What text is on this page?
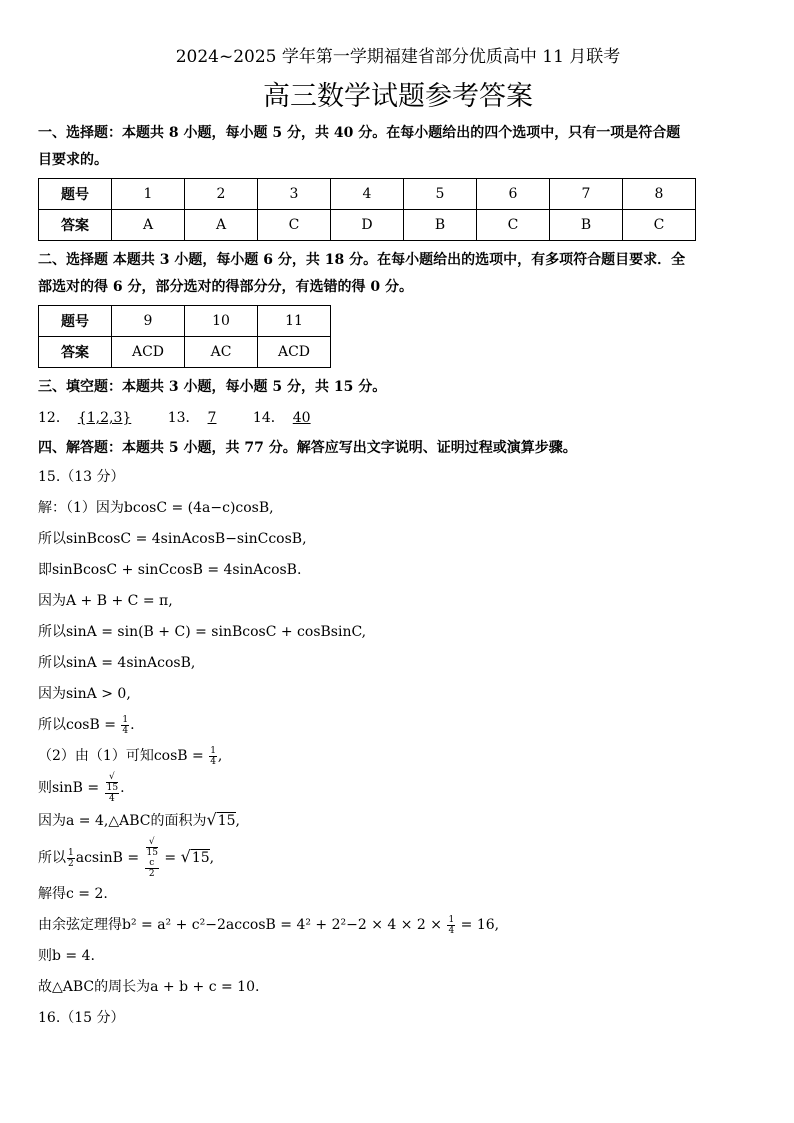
2024~2025 学年第一学期福建省部分优质高中 11 月联考

高三数学试题参考答案

一、选择题：本题共 8 小题，每小题 5 分，共 40 分。在每小题给出的四个选项中，只有一项是符合题

目要求的。

题号	1	2	3	4	5	6	7	8
答案	A	A	C	D	B	C	B	C

二、选择题 本题共 3 小题，每小题 6 分，共 18 分。在每小题给出的选项中，有多项符合题目要求．全

部选对的得 6 分，部分选对的得部分分，有选错的得 0 分。

题号	9	10	11
答案	ACD	AC	ACD

三、填空题：本题共 3 小题，每小题 5 分，共 15 分。

12． {1,2,3}	13． 7	14． 40

四、解答题：本题共 5 小题，共 77 分。解答应写出文字说明、证明过程或演算步骤。

15.（13 分）

解：（1）因为bcosC = (4a−c)cosB,

所以sinBcosC = 4sinAcosB−sinCcosB,

即sinBcosC + sinCcosB = 4sinAcosB.

因为A + B + C = π,

所以sinA = sin(B + C) = sinBcosC + cosBsinC,

所以sinA = 4sinAcosB,

因为sinA > 0,

所以$\cos B = \frac{1}{4}$ .

（2）由（1）可知$\cos B = \frac{1}{4}$ ,

则sinB = √
15
4 .

因为a = 4,△ABC的面积为√15,

所以 $\frac{1}{2}$ acsinB = √
15
c
2 = √15,

解得c = 2.

由余弦定理得$b^2 = a^2 + c^2-2accosB = 4^2 + 2^2-2 \times 4 \times 2 \times \frac{1}{4} = 16$,

则b = 4.

故△ABC的周长为a + b + c = 10.

16.（15 分）
